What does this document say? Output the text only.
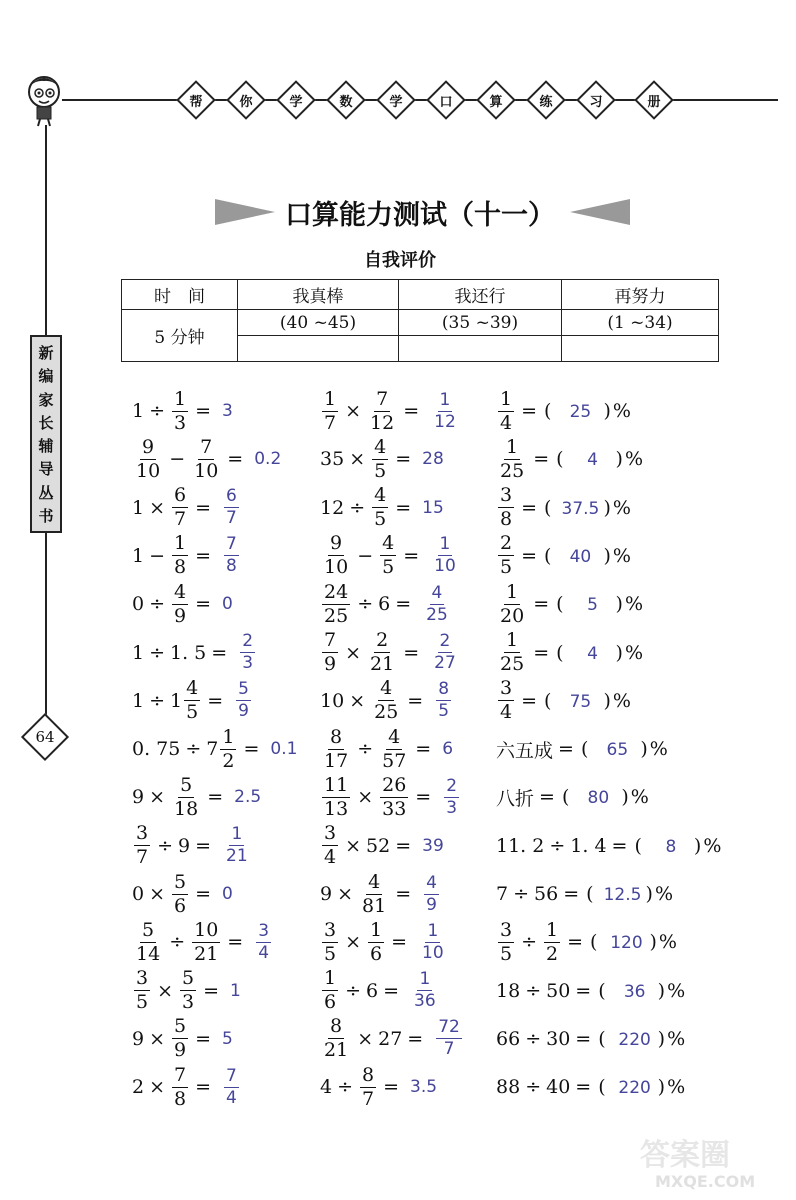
帮	你	学	数	学	口	算	练	习	册
新
编
家
长
辅
导
丛
书
64
口算能力测试（十一）
自我评价
时　间	我真棒	我还行	再努力
5 分钟	(40 ~45)	(35 ~39)	(1 ~34)

$1 \div \frac{1}{3} = 3$
$\frac{9}{10} - \frac{7}{10} = 0.2$
$1 \times \frac{6}{7} = \frac{6}{7}$
$1 - \frac{1}{8} = \frac{7}{8}$
$0 \div \frac{4}{9} = 0$
1 ÷ 1. $5 = \frac{2}{3}$
$1 \div 1 \frac{4}{5} = \frac{5}{9}$
0. $75 \div 7 \frac{1}{2} = 0.1$
$9 \times \frac{5}{18} = 2.5$
$\frac{3}{7} \div 9 = \frac{1}{21}$
$0 \times \frac{5}{6} = 0$
$\frac{5}{14} \div \frac{10}{21} = \frac{3}{4}$
$\frac{3}{5} \times \frac{5}{3} = 1$
$9 \times \frac{5}{9} = 5$
$2 \times \frac{7}{8} = \frac{7}{4}$
$\frac{1}{7} \times \frac{7}{12} = \frac{1}{12}$
$35 \times \frac{4}{5} = 28$
$12 \div \frac{4}{5} = 15$
$\frac{9}{10} - \frac{4}{5} = \frac{1}{10}$
$\frac{24}{25} \div 6 = \frac{4}{25}$
$\frac{7}{9} \times \frac{2}{21} = \frac{2}{27}$
$10 \times \frac{4}{25} = \frac{8}{5}$
$\frac{8}{17} \div \frac{4}{57} = 6$
$\frac{11}{13} \times \frac{26}{33} = \frac{2}{3}$
$\frac{3}{4} \times 52 = 39$
$9 \times \frac{4}{81} = \frac{4}{9}$
$\frac{3}{5} \times \frac{1}{6} = \frac{1}{10}$
$\frac{1}{6} \div 6 = \frac{1}{36}$
$\frac{8}{21} \times 27 = \frac{72}{7}$
$4 \div \frac{8}{7} = 3.5$
$\frac{1}{4}$ = (	25 ) %
$\frac{1}{25}$ = (	4 ) %
$\frac{3}{8}$ = ( 37.5 ) %
$\frac{2}{5}$ = (	40 ) %
$\frac{1}{20}$ = (	5 ) %
$\frac{1}{25}$ = (	4 ) %
$\frac{3}{4}$ = (	75 ) %
六五成 = (	65 ) %
八折 = (	80 ) %
11. 2 ÷ 1. 4 = (	8 ) %
7 ÷ 56 = ( 12.5 ) %
$\frac{3}{5} \div \frac{1}{2}$ = ( 120 ) %
18 ÷ 50 = (	36 ) %
66 ÷ 30 = ( 220 ) %
88 ÷ 40 = ( 220 ) %
答案圈
MXQE.COM
